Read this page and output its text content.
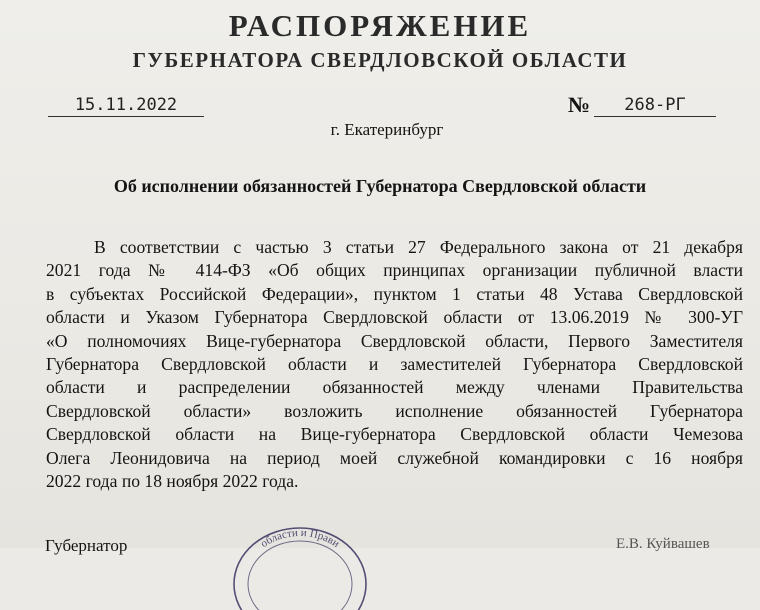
РАСПОРЯЖЕНИЕ
ГУБЕРНАТОРА СВЕРДЛОВСКОЙ ОБЛАСТИ
15.11.2022	№	268-РГ
г. Екатеринбург
Об исполнении обязанностей Губернатора Свердловской области
В соответствии с частью 3 статьи 27 Федерального закона от 21 декабря
2021 года № 414-ФЗ «Об общих принципах организации публичной власти
в субъектах Российской Федерации», пунктом 1 статьи 48 Устава Свердловской
области и Указом Губернатора Свердловской области от 13.06.2019 № 300-УГ
«О полномочиях Вице-губернатора Свердловской области, Первого Заместителя
Губернатора Свердловской области и заместителей Губернатора Свердловской
области и распределении обязанностей между членами Правительства
Свердловской области» возложить исполнение обязанностей Губернатора
Свердловской области на Вице-губернатора Свердловской области Чемезова
Олега Леонидовича на период моей служебной командировки с 16 ноября
2022 года по 18 ноября 2022 года.
Губернатор	области и Прави	Е.В. Куйвашев
